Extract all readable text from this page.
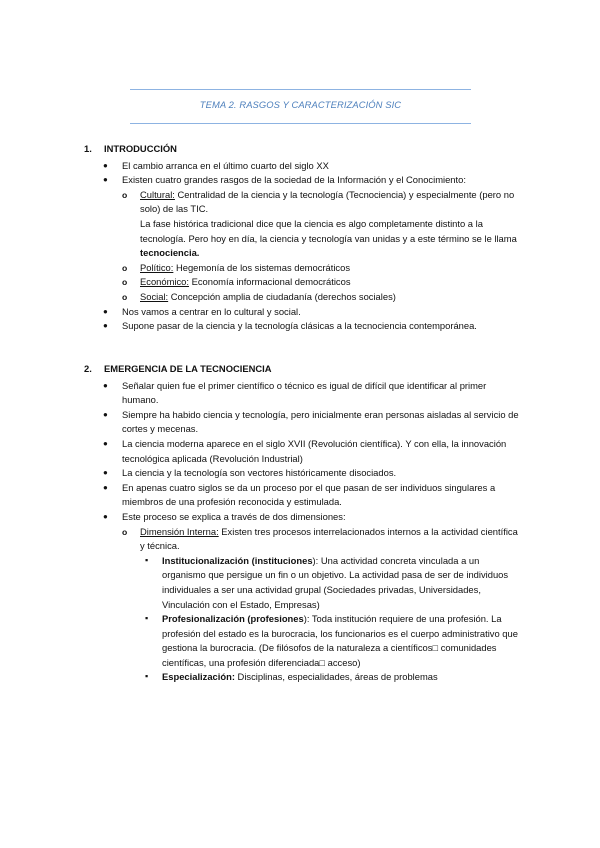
TEMA 2. RASGOS Y CARACTERIZACIÓN SIC

1. INTRODUCCIÓN

● El cambio arranca en el último cuarto del siglo XX
● Existen cuatro grandes rasgos de la sociedad de la Información y el Conocimiento:
o Cultural: Centralidad de la ciencia y la tecnología (Tecnociencia) y especialmente (pero no solo) de las TIC.

La fase histórica tradicional dice que la ciencia es algo completamente distinto a la tecnología. Pero hoy en día, la ciencia y tecnología van unidas y a este término se le llama tecnociencia.

o Político: Hegemonía de los sistemas democráticos
o Económico: Economía informacional democráticos
o Social: Concepción amplia de ciudadanía (derechos sociales)
● Nos vamos a centrar en lo cultural y social.
● Supone pasar de la ciencia y la tecnología clásicas a la tecnociencia contemporánea.

2. EMERGENCIA DE LA TECNOCIENCIA

● Señalar quien fue el primer científico o técnico es igual de difícil que identificar al primer humano.
● Siempre ha habido ciencia y tecnología, pero inicialmente eran personas aisladas al servicio de cortes y mecenas.
● La ciencia moderna aparece en el siglo XVII (Revolución científica). Y con ella, la innovación tecnológica aplicada (Revolución Industrial)
● La ciencia y la tecnología son vectores históricamente disociados.
● En apenas cuatro siglos se da un proceso por el que pasan de ser individuos singulares a miembros de una profesión reconocida y estimulada.
● Este proceso se explica a través de dos dimensiones:
o Dimensión Interna: Existen tres procesos interrelacionados internos a la actividad científica y técnica.
▪ Institucionalización (instituciones): Una actividad concreta vinculada a un organismo que persigue un fin o un objetivo. La actividad pasa de ser de individuos individuales a ser una actividad grupal (Sociedades privadas, Universidades, Vinculación con el Estado, Empresas)
▪ Profesionalización (profesiones): Toda institución requiere de una profesión. La profesión del estado es la burocracia, los funcionarios es el cuerpo administrativo que gestiona la burocracia. (De filósofos de la naturaleza a científicos□ comunidades científicas, una profesión diferenciada□ acceso)
▪ Especialización: Disciplinas, especialidades, áreas de problemas
